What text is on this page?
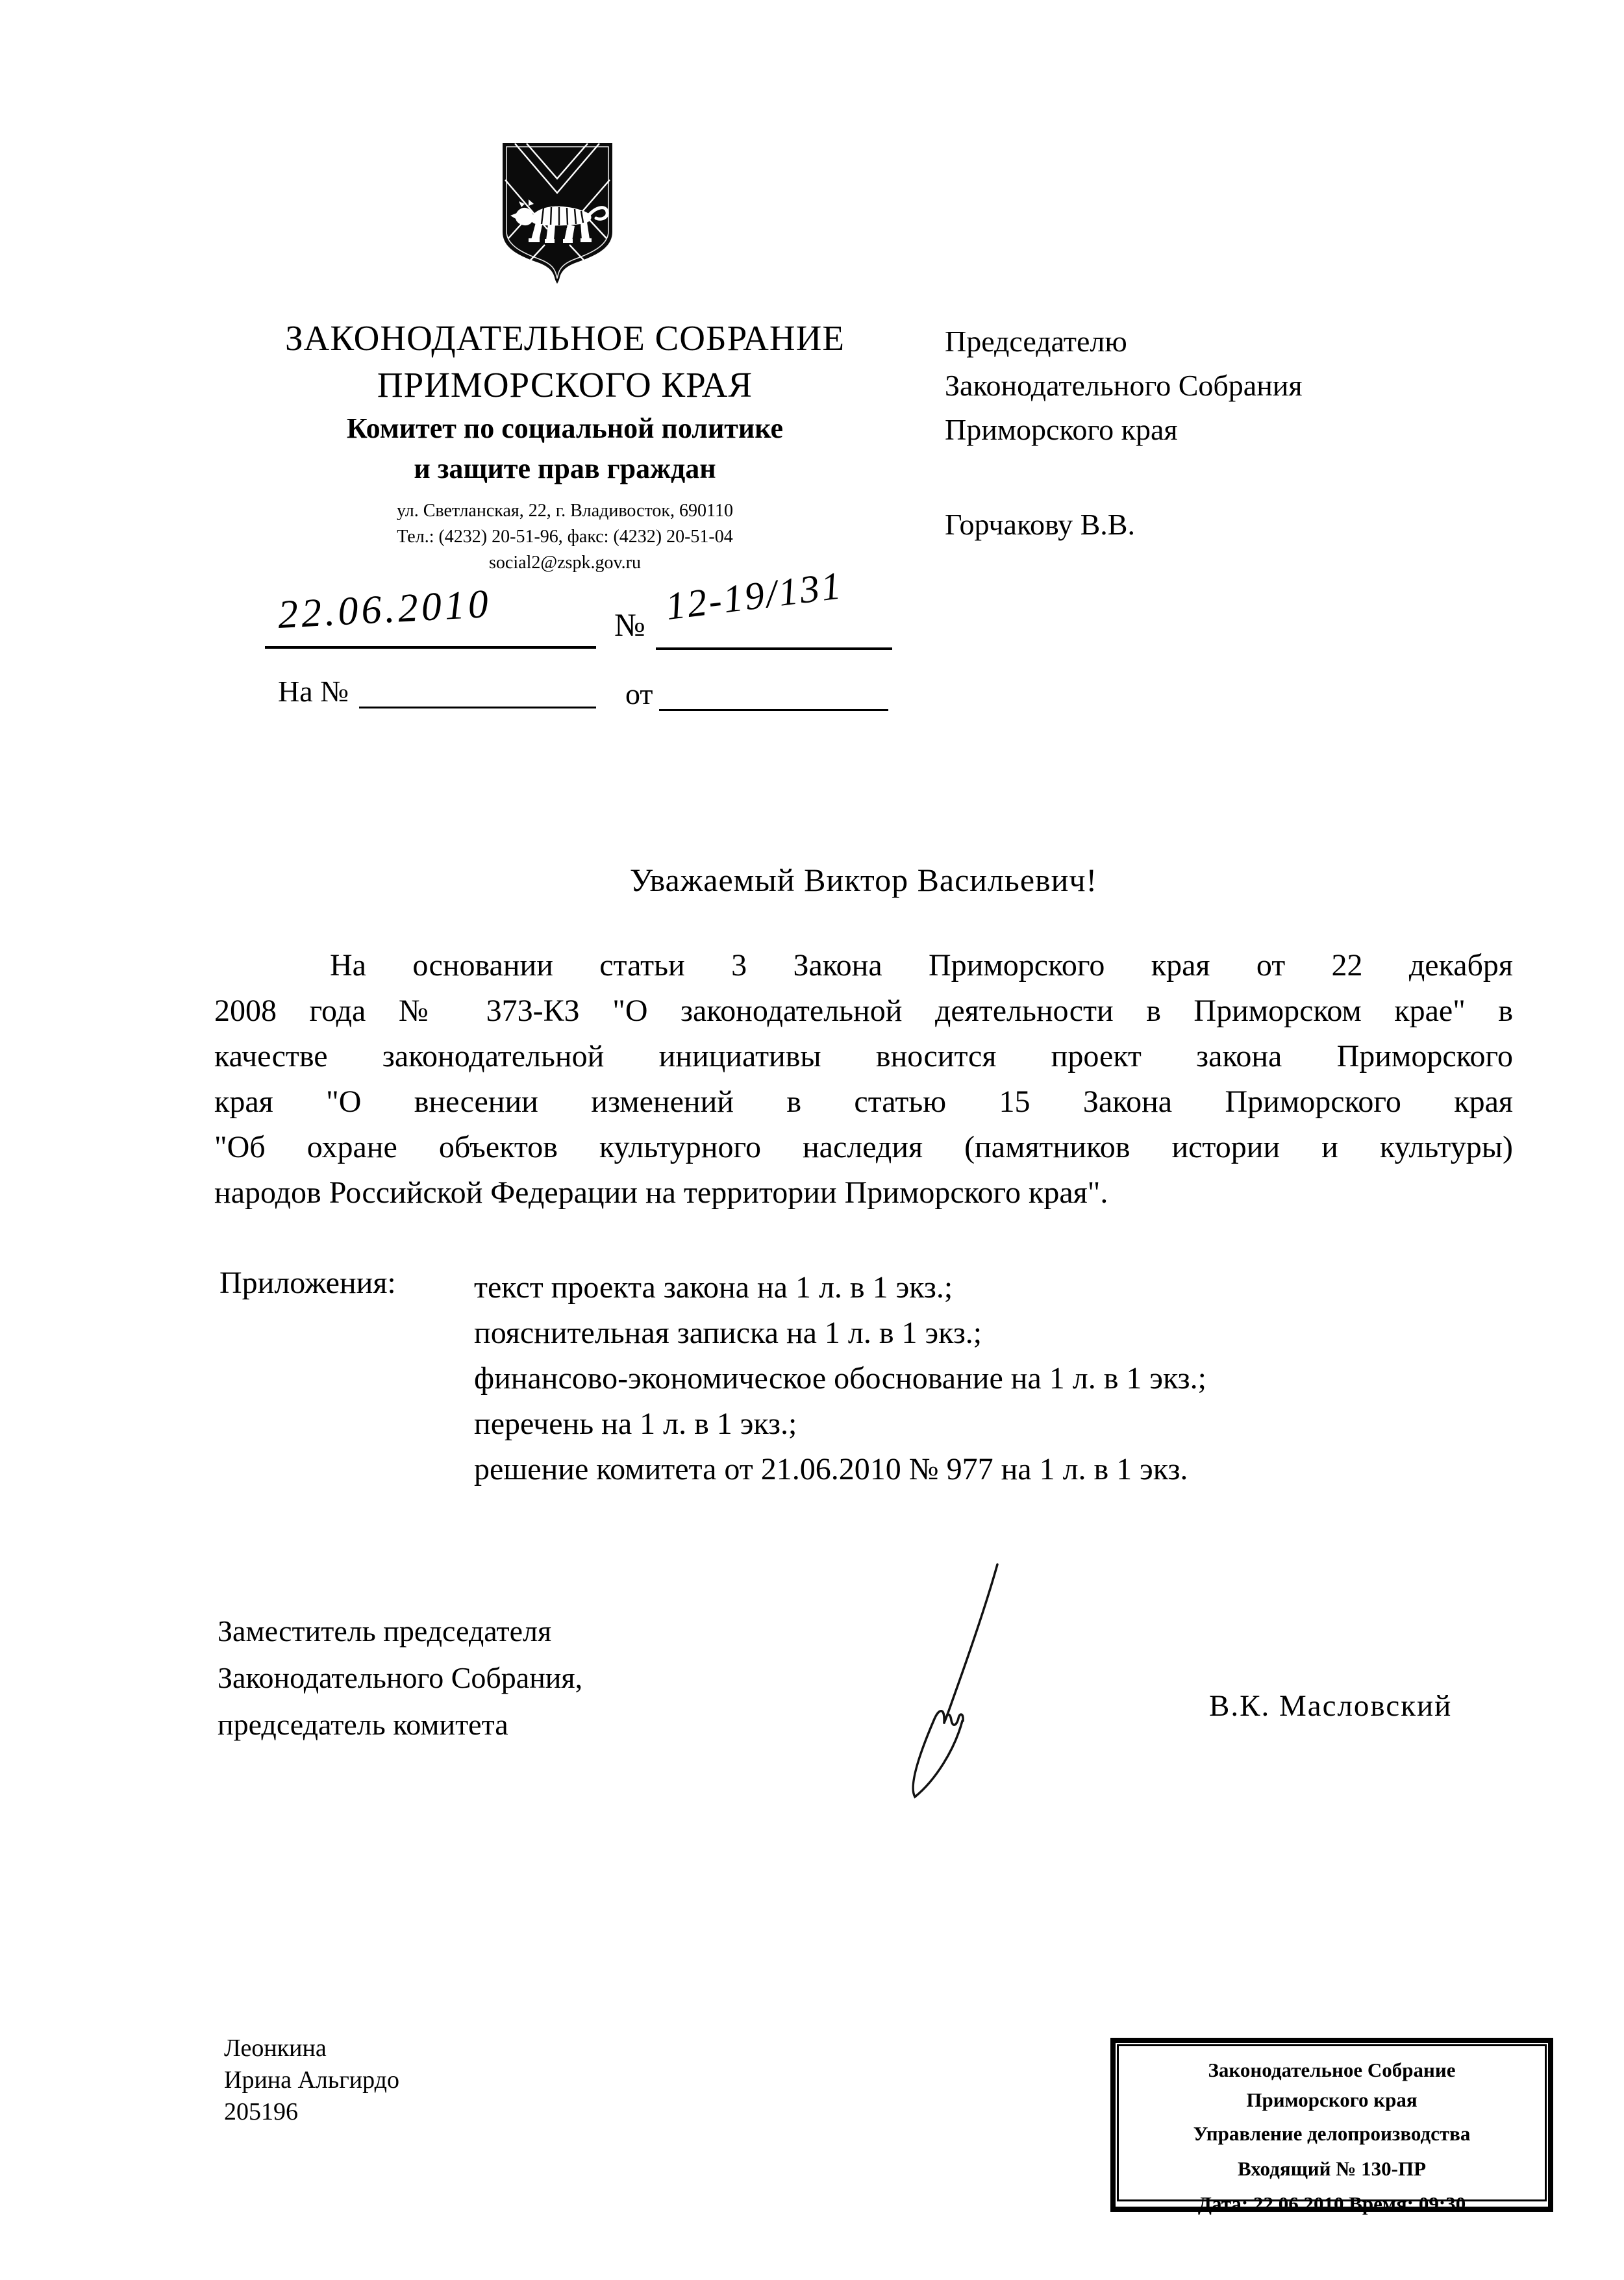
ЗАКОНОДАТЕЛЬНОЕ СОБРАНИЕ
ПРИМОРСКОГО КРАЯ
Комитет по социальной политике
и защите прав граждан
ул. Светланская, 22, г. Владивосток, 690110
Тел.: (4232) 20-51-96, факс: (4232) 20-51-04
social2@zspk.gov.ru
Председателю
Законодательного Собрания
Приморского края
Горчакову В.В.
22.06.2010	№ 12-19/131
На №	от
Уважаемый Виктор Васильевич!
На основании статьи 3 Закона Приморского края от 22 декабря
2008 года № 373-КЗ "О законодательной деятельности в Приморском крае" в
качестве законодательной инициативы вносится проект закона Приморского
края "О внесении изменений в статью 15 Закона Приморского края
"Об охране объектов культурного наследия (памятников истории и культуры)
народов Российской Федерации на территории Приморского края".
Приложения:	текст проекта закона на 1 л. в 1 экз.;
пояснительная записка на 1 л. в 1 экз.;
финансово-экономическое обоснование на 1 л. в 1 экз.;
перечень на 1 л. в 1 экз.;
решение комитета от 21.06.2010 № 977 на 1 л. в 1 экз.
Заместитель председателя
Законодательного Собрания,
председатель комитета
В.К. Масловский
Леонкина
Ирина Альгирдо
205196
Законодательное Собрание
Приморского края
Управление делопроизводства
Входящий № 130-ПР
Дата: 22.06.2010 Время: 09:30
